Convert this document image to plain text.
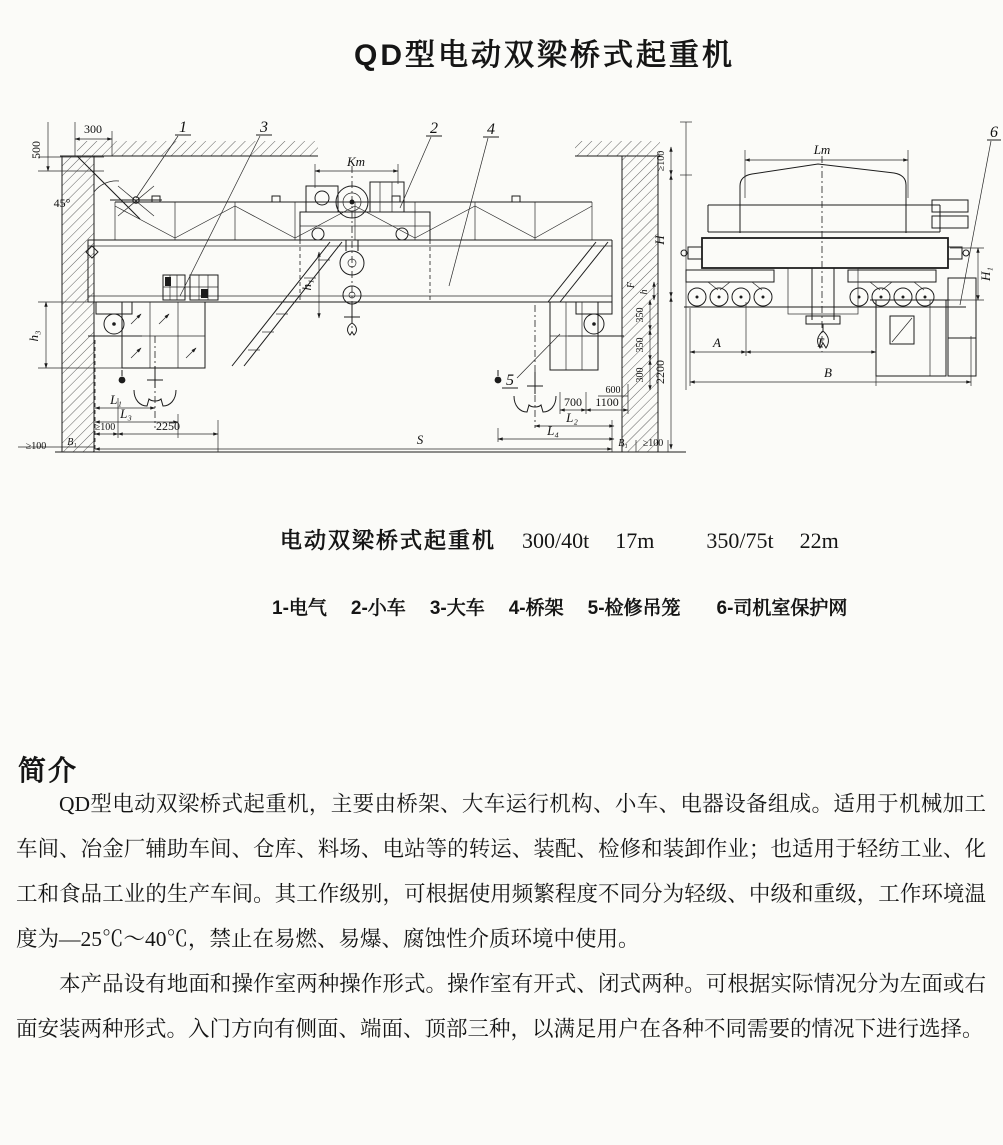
QD型电动双梁桥式起重机
500
300
45°
Kт
h₁
h₃
L₁
L₃
≥100	2250
B₁
≥100	S	B₁ ≥100
L₂
L₄
700 1100
600
350
350
300
≥100
H
2200
h
F
1	3	2	4
5
Lт
H₁
A	T
B
6
电动双梁桥式起重机 300/40t 17m 350/75t 22m
1-电气 2-小车 3-大车 4-桥架 5-检修吊笼 6-司机室保护网
简介

QD型电动双梁桥式起重机，主要由桥架、大车运行机构、小车、电器设备组成。适用于机械加工车间、冶金厂辅助车间、仓库、料场、电站等的转运、装配、检修和装卸作业；也适用于轻纺工业、化工和食品工业的生产车间。其工作级别，可根据使用频繁程度不同分为轻级、中级和重级，工作环境温度为—25℃～40℃，禁止在易燃、易爆、腐蚀性介质环境中使用。

本产品设有地面和操作室两种操作形式。操作室有开式、闭式两种。可根据实际情况分为左面或右面安装两种形式。入门方向有侧面、端面、顶部三种，以满足用户在各种不同需要的情况下进行选择。
